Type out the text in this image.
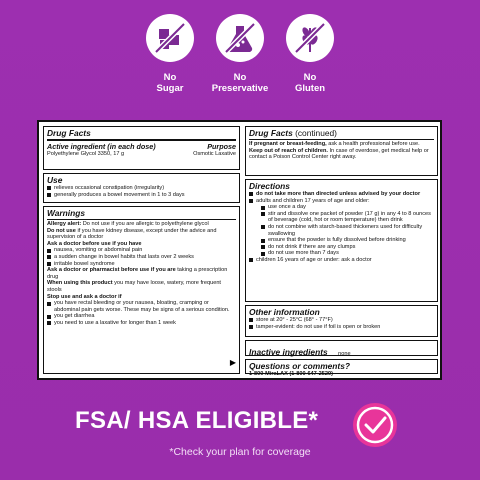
No
Sugar
No
Preservative
No
Gluten
Drug Facts
Active ingredient (in each dose)	Purpose
Polyethylene Glycol 3350, 17 g	Osmotic Laxative
Use
relieves occasional constipation (irregularity)
generally produces a bowel movement in 1 to 3 days
Warnings
Allergy alert: Do not use if you are allergic to polyethylene glycol
Do not use if you have kidney disease, except under the advice and supervision of a doctor
Ask a doctor before use if you have
nausea, vomiting or abdominal pain
a sudden change in bowel habits that lasts over 2 weeks
irritable bowel syndrome
Ask a doctor or pharmacist before use if you are taking a prescription drug
When using this product you may have loose, watery, more frequent stools
Stop use and ask a doctor if
you have rectal bleeding or your nausea, bloating, cramping or abdominal pain gets worse. These may be signs of a serious condition.
you get diarrhea
you need to use a laxative for longer than 1 week
▶
Drug Facts (continued)
If pregnant or breast-feeding, ask a health professional before use.
Keep out of reach of children. In case of overdose, get medical help or contact a Poison Control Center right away.
Directions
do not take more than directed unless advised by your doctor
adults and children 17 years of age and older:
use once a day
stir and dissolve one packet of powder (17 g) in any 4 to 8 ounces of beverage (cold, hot or room temperature) then drink
do not combine with starch-based thickeners used for difficulty swallowing
ensure that the powder is fully dissolved before drinking
do not drink if there are any clumps
do not use more than 7 days
children 16 years of age or under: ask a doctor
Other information
store at 20° - 25°C (68° - 77°F)
tamper-evident: do not use if foil is open or broken
Inactive ingredients none
Questions or comments?
1-800-MiraLAX (1-800-647-2529)
FSA/ HSA ELIGIBLE*
*Check your plan for coverage
